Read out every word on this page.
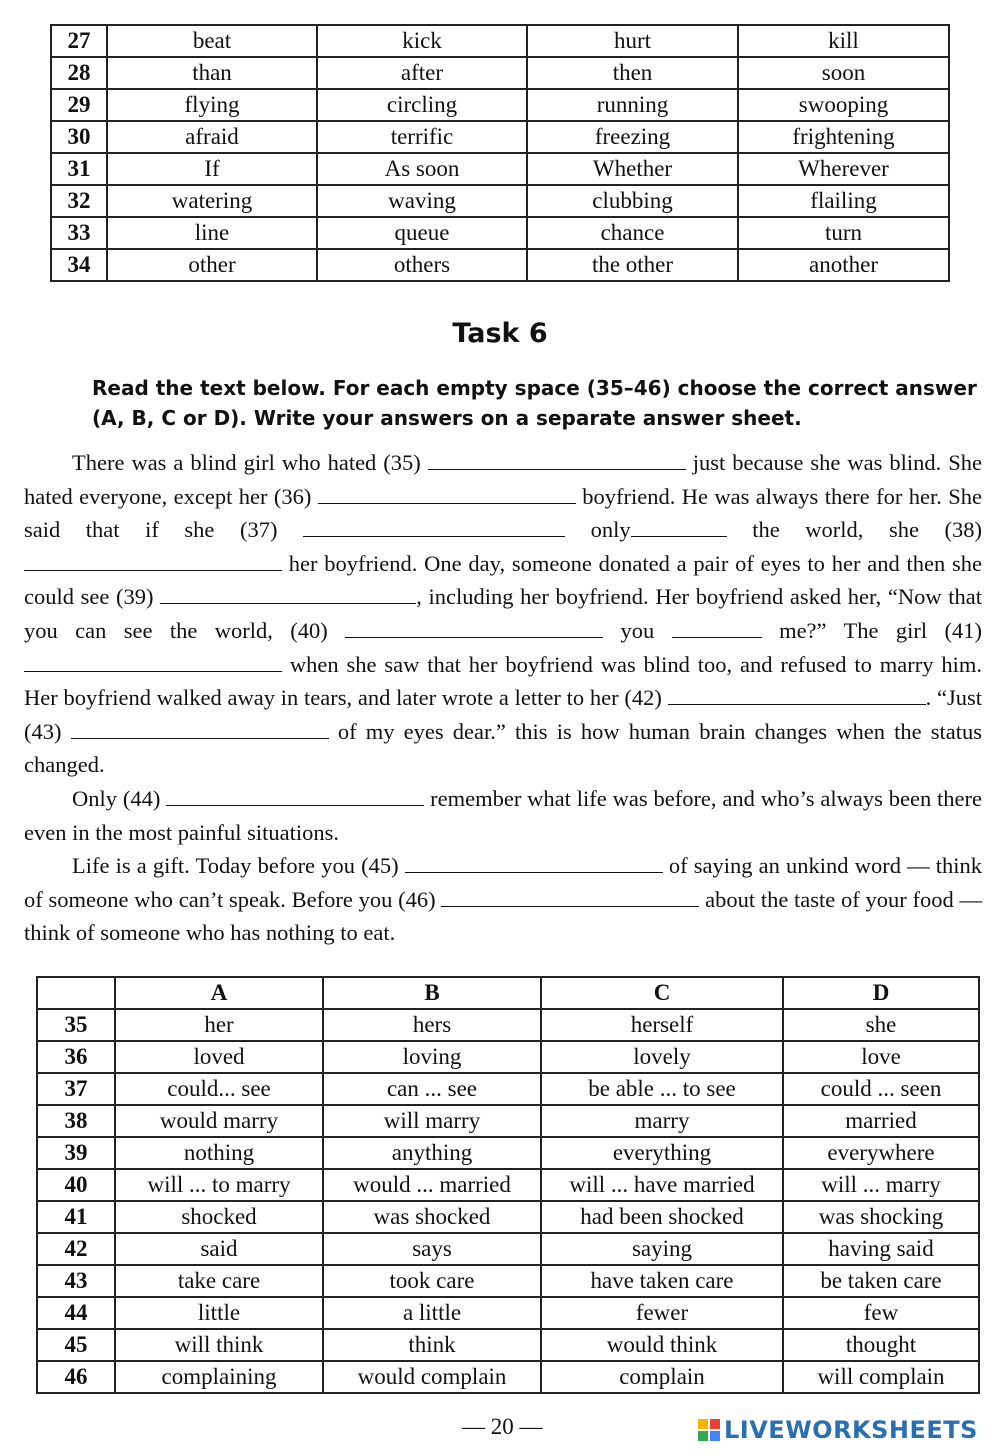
27	beat	kick	hurt	kill
28	than	after	then	soon
29	flying	circling	running	swooping
30	afraid	terrific	freezing	frightening
31	If	As soon	Whether	Wherever
32	watering	waving	clubbing	flailing
33	line	queue	chance	turn
34	other	others	the other	another
Task 6
Read the text below. For each empty space (35–46) choose the correct answer (A, B, C or D). Write your answers on a separate answer sheet.

There was a blind girl who hated (35)	just because she was blind. She hated everyone, except her (36)	boyfriend. He was always there for her. She said that if she (37)	only	the world, she (38)  her boyfriend. One day, someone donated a pair of eyes to her and then she could see (39)	, including her boyfriend. Her boyfriend asked her, “Now that you can see the world, (40)	you	me?” The girl (41)  when she saw that her boyfriend was blind too, and refused to marry him. Her boyfriend walked away in tears, and later wrote a letter to her (42)	. “Just (43)	of my eyes dear.” this is how human brain changes when the status changed.

Only (44)	remember what life was before, and who’s always been there even in the most painful situations.

Life is a gift. Today before you (45)	of saying an unkind word — think of someone who can’t speak. Before you (46)	about the taste of your food — think of someone who has nothing to eat.

	A	B	C	D
35	her	hers	herself	she
36	loved	loving	lovely	love
37	could... see	can ... see	be able ... to see	could ... seen
38	would marry	will marry	marry	married
39	nothing	anything	everything	everywhere
40	will ... to marry	would ... married	will ... have married	will ... marry
41	shocked	was shocked	had been shocked	was shocking
42	said	says	saying	having said
43	take care	took care	have taken care	be taken care
44	little	a little	fewer	few
45	will think	think	would think	thought
46	complaining	would complain	complain	will complain
— 20 —	LIVEWORKSHEETS
